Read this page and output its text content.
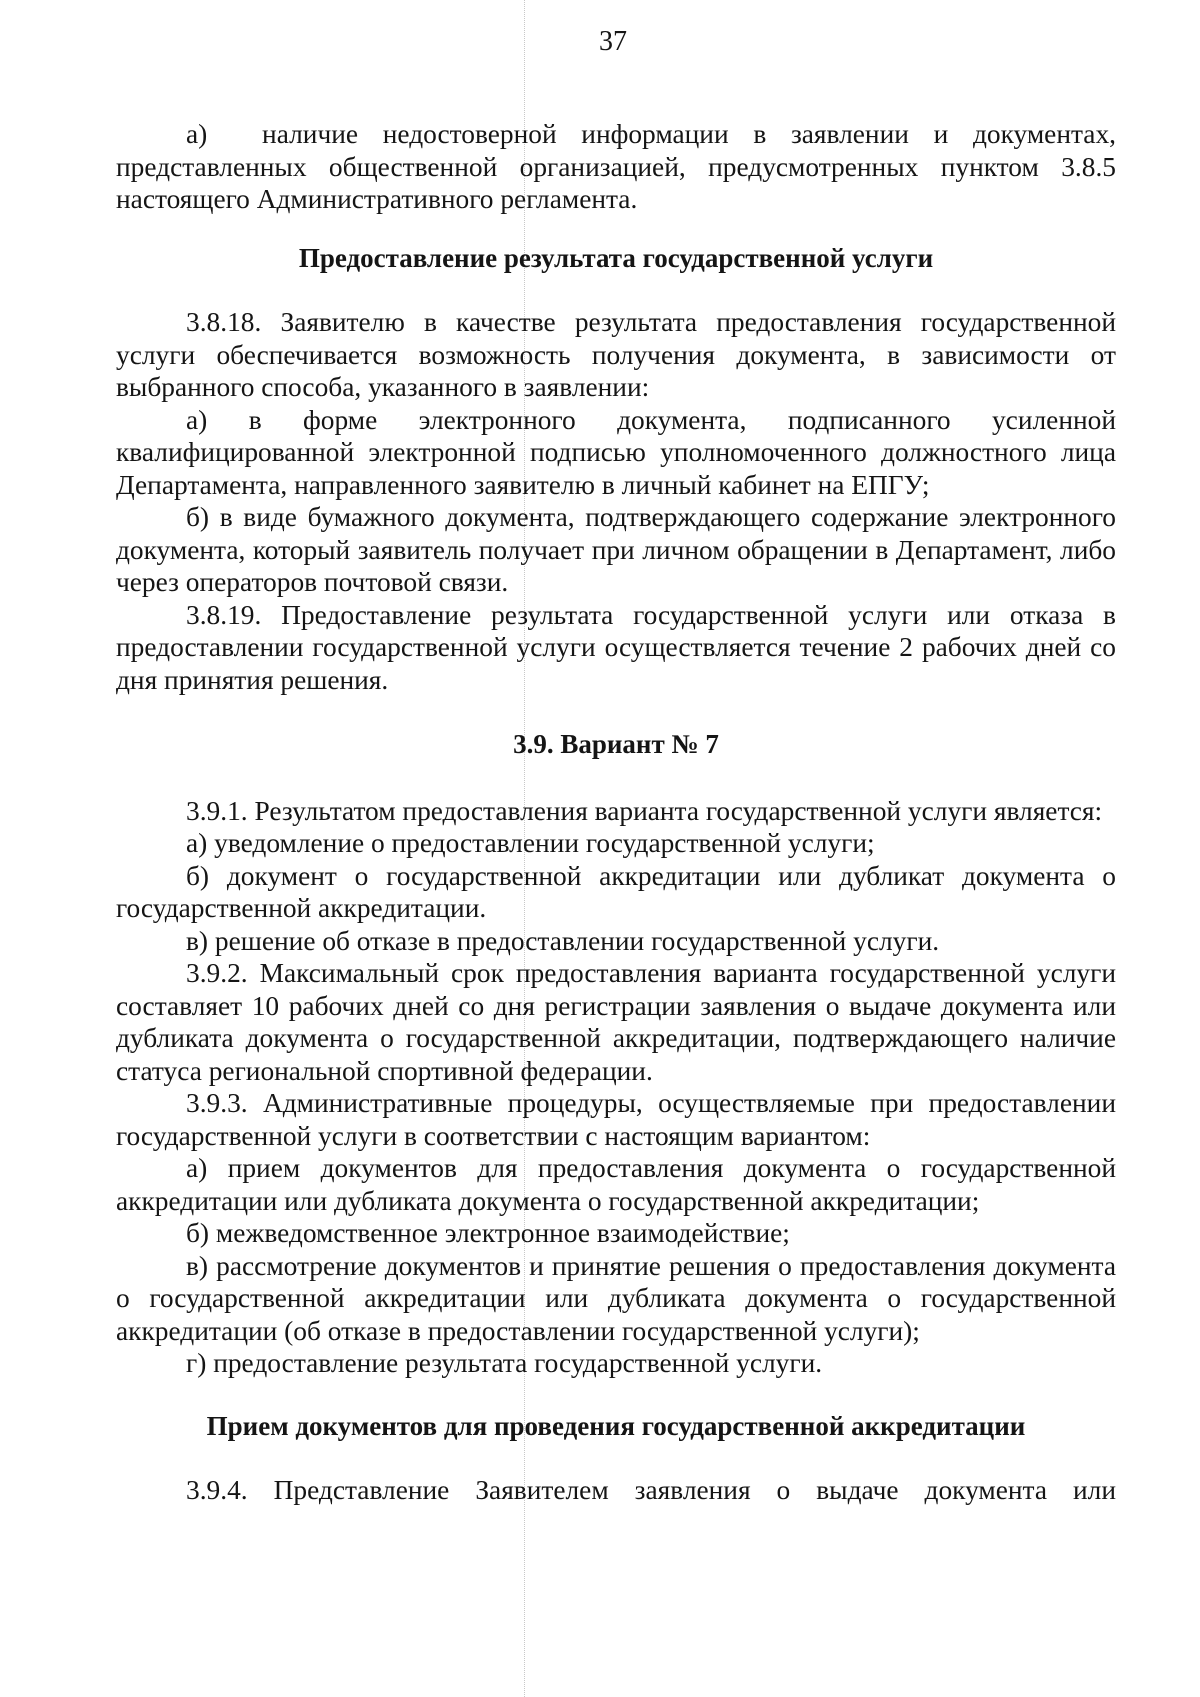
37

а)  наличие недостоверной информации в заявлении и документах, представленных общественной организацией, предусмотренных пунктом 3.8.5 настоящего Административного регламента.

Предоставление результата государственной услуги

3.8.18. Заявителю в качестве результата предоставления государственной услуги обеспечивается возможность получения документа, в зависимости от выбранного способа, указанного в заявлении:

а) в форме электронного документа, подписанного усиленной квалифицированной электронной подписью уполномоченного должностного лица Департамента, направленного заявителю в личный кабинет на ЕПГУ;

б) в виде бумажного документа, подтверждающего содержание электронного документа, который заявитель получает при личном обращении в Департамент, либо через операторов почтовой связи.

3.8.19. Предоставление результата государственной услуги или отказа в предоставлении государственной услуги осуществляется течение 2 рабочих дней со дня принятия решения.

3.9. Вариант № 7

3.9.1. Результатом предоставления варианта государственной услуги является:

а) уведомление о предоставлении государственной услуги;

б) документ о государственной аккредитации или дубликат документа о государственной аккредитации.

в) решение об отказе в предоставлении государственной услуги.

3.9.2. Максимальный срок предоставления варианта государственной услуги составляет 10 рабочих дней со дня регистрации заявления о выдаче документа или дубликата документа о государственной аккредитации, подтверждающего наличие статуса региональной спортивной федерации.

3.9.3. Административные процедуры, осуществляемые при предоставлении государственной услуги в соответствии с настоящим вариантом:

а) прием документов для предоставления документа о государственной аккредитации или дубликата документа о государственной аккредитации;

б) межведомственное электронное взаимодействие;

в) рассмотрение документов и принятие решения о предоставления документа о государственной аккредитации или дубликата документа о государственной аккредитации (об отказе в предоставлении государственной услуги);

г) предоставление результата государственной услуги.

Прием документов для проведения государственной аккредитации

3.9.4. Представление Заявителем заявления о выдаче документа или
